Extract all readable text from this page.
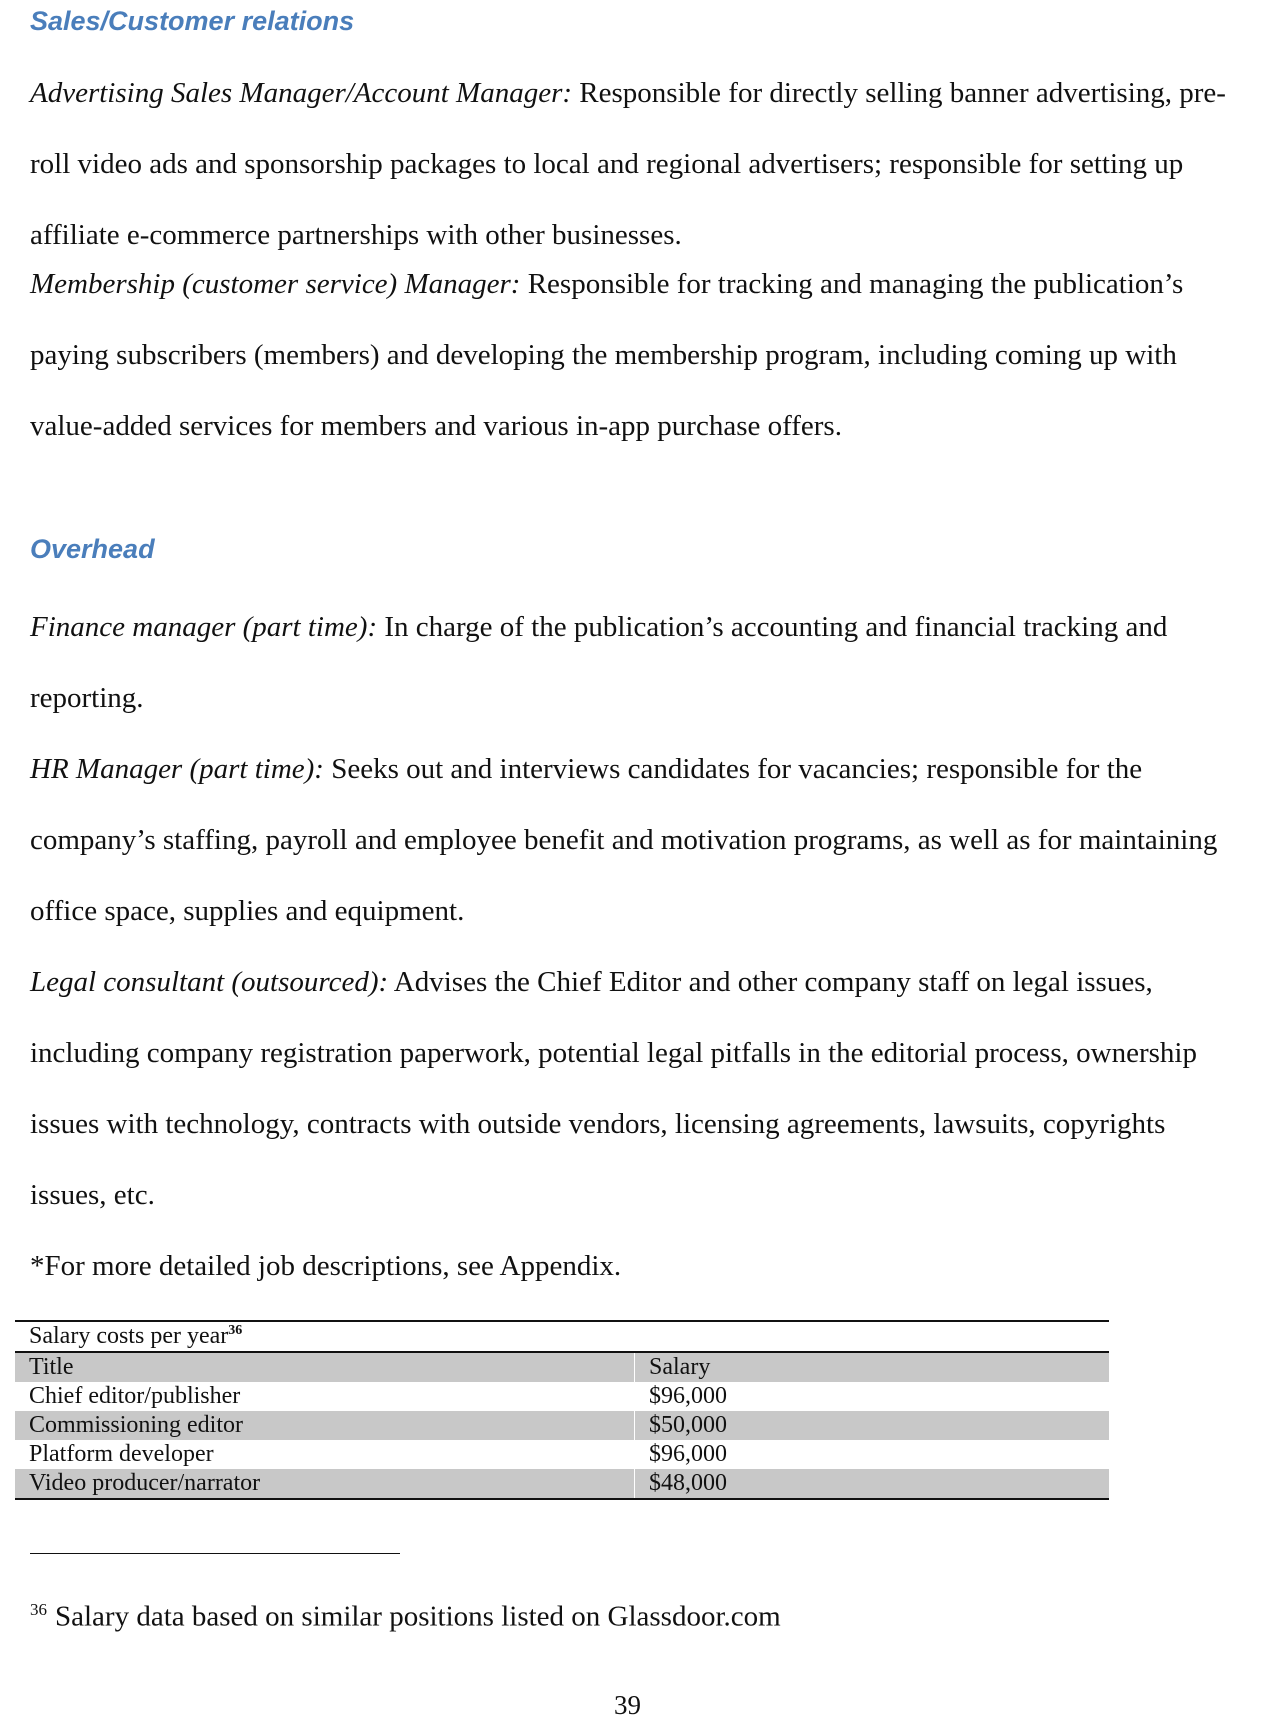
Sales/Customer relations

Advertising Sales Manager/Account Manager: Responsible for directly selling banner advertising, pre-roll video ads and sponsorship packages to local and regional advertisers; responsible for setting up affiliate e-commerce partnerships with other businesses.

Membership (customer service) Manager: Responsible for tracking and managing the publication’s paying subscribers (members) and developing the membership program, including coming up with value-added services for members and various in-app purchase offers.

Overhead

Finance manager (part time): In charge of the publication’s accounting and financial tracking and reporting.

HR Manager (part time): Seeks out and interviews candidates for vacancies; responsible for the company’s staffing, payroll and employee benefit and motivation programs, as well as for maintaining office space, supplies and equipment.

Legal consultant (outsourced): Advises the Chief Editor and other company staff on legal issues, including company registration paperwork, potential legal pitfalls in the editorial process, ownership issues with technology, contracts with outside vendors, licensing agreements, lawsuits, copyrights issues, etc.

*For more detailed job descriptions, see Appendix.

Salary costs per year$^{36}$
Title	Salary
Chief editor/publisher	$96,000
Commissioning editor	$50,000
Platform developer	$96,000
Video producer/narrator	$48,000

$^{36}$ Salary data based on similar positions listed on Glassdoor.com

39
